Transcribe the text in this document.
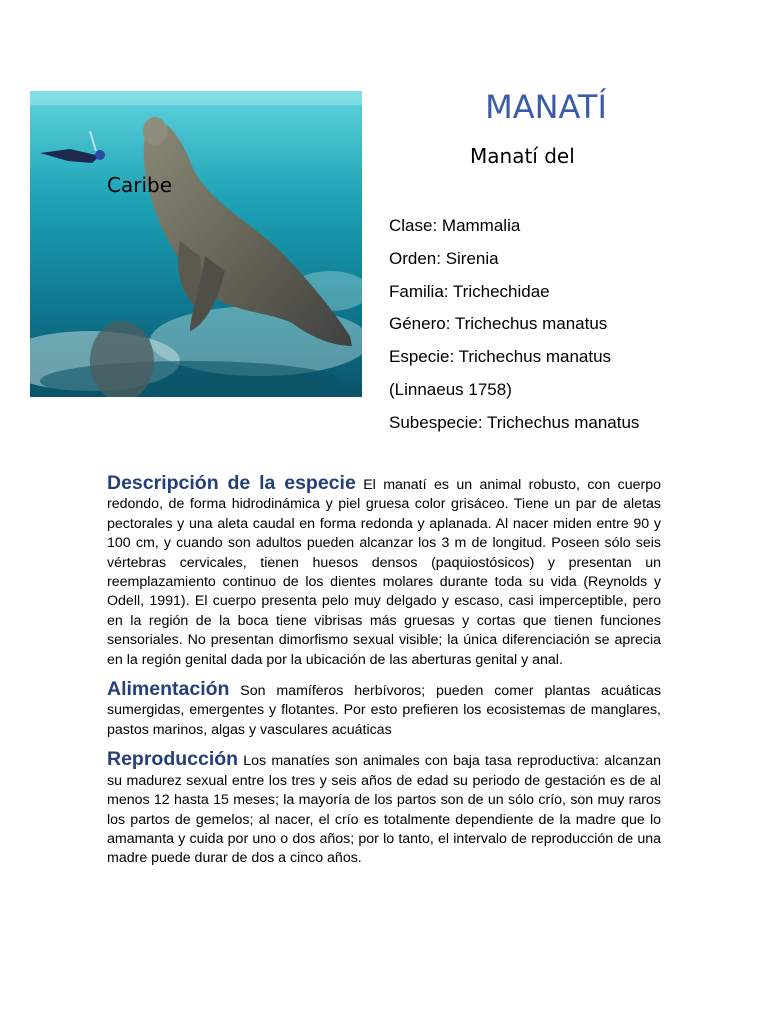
MANATÍ
Manatí del
Caribe
Clase: Mammalia
Orden: Sirenia
Familia: Trichechidae
Género: Trichechus manatus
Especie: Trichechus manatus
(Linnaeus 1758)
Subespecie: Trichechus manatus

Descripción de la especie El manatí es un animal robusto, con cuerpo redondo, de forma hidrodinámica y piel gruesa color grisáceo. Tiene un par de aletas pectorales y una aleta caudal en forma redonda y aplanada. Al nacer miden entre 90 y 100 cm, y cuando son adultos pueden alcanzar los 3 m de longitud. Poseen sólo seis vértebras cervicales, tienen huesos densos (paquiostósicos) y presentan un reemplazamiento continuo de los dientes molares durante toda su vida (Reynolds y Odell, 1991). El cuerpo presenta pelo muy delgado y escaso, casi imperceptible, pero en la región de la boca tiene vibrisas más gruesas y cortas que tienen funciones sensoriales. No presentan dimorfismo sexual visible; la única diferenciación se aprecia en la región genital dada por la ubicación de las aberturas genital y anal.

Alimentación Son mamíferos herbívoros; pueden comer plantas acuáticas sumergidas, emergentes y flotantes. Por esto prefieren los ecosistemas de manglares, pastos marinos, algas y vasculares acuáticas

Reproducción Los manatíes son animales con baja tasa reproductiva: alcanzan su madurez sexual entre los tres y seis años de edad su periodo de gestación es de al menos 12 hasta 15 meses; la mayoría de los partos son de un sólo crío, son muy raros los partos de gemelos; al nacer, el crío es totalmente dependiente de la madre que lo amamanta y cuida por uno o dos años; por lo tanto, el intervalo de reproducción de una madre puede durar de dos a cinco años.
